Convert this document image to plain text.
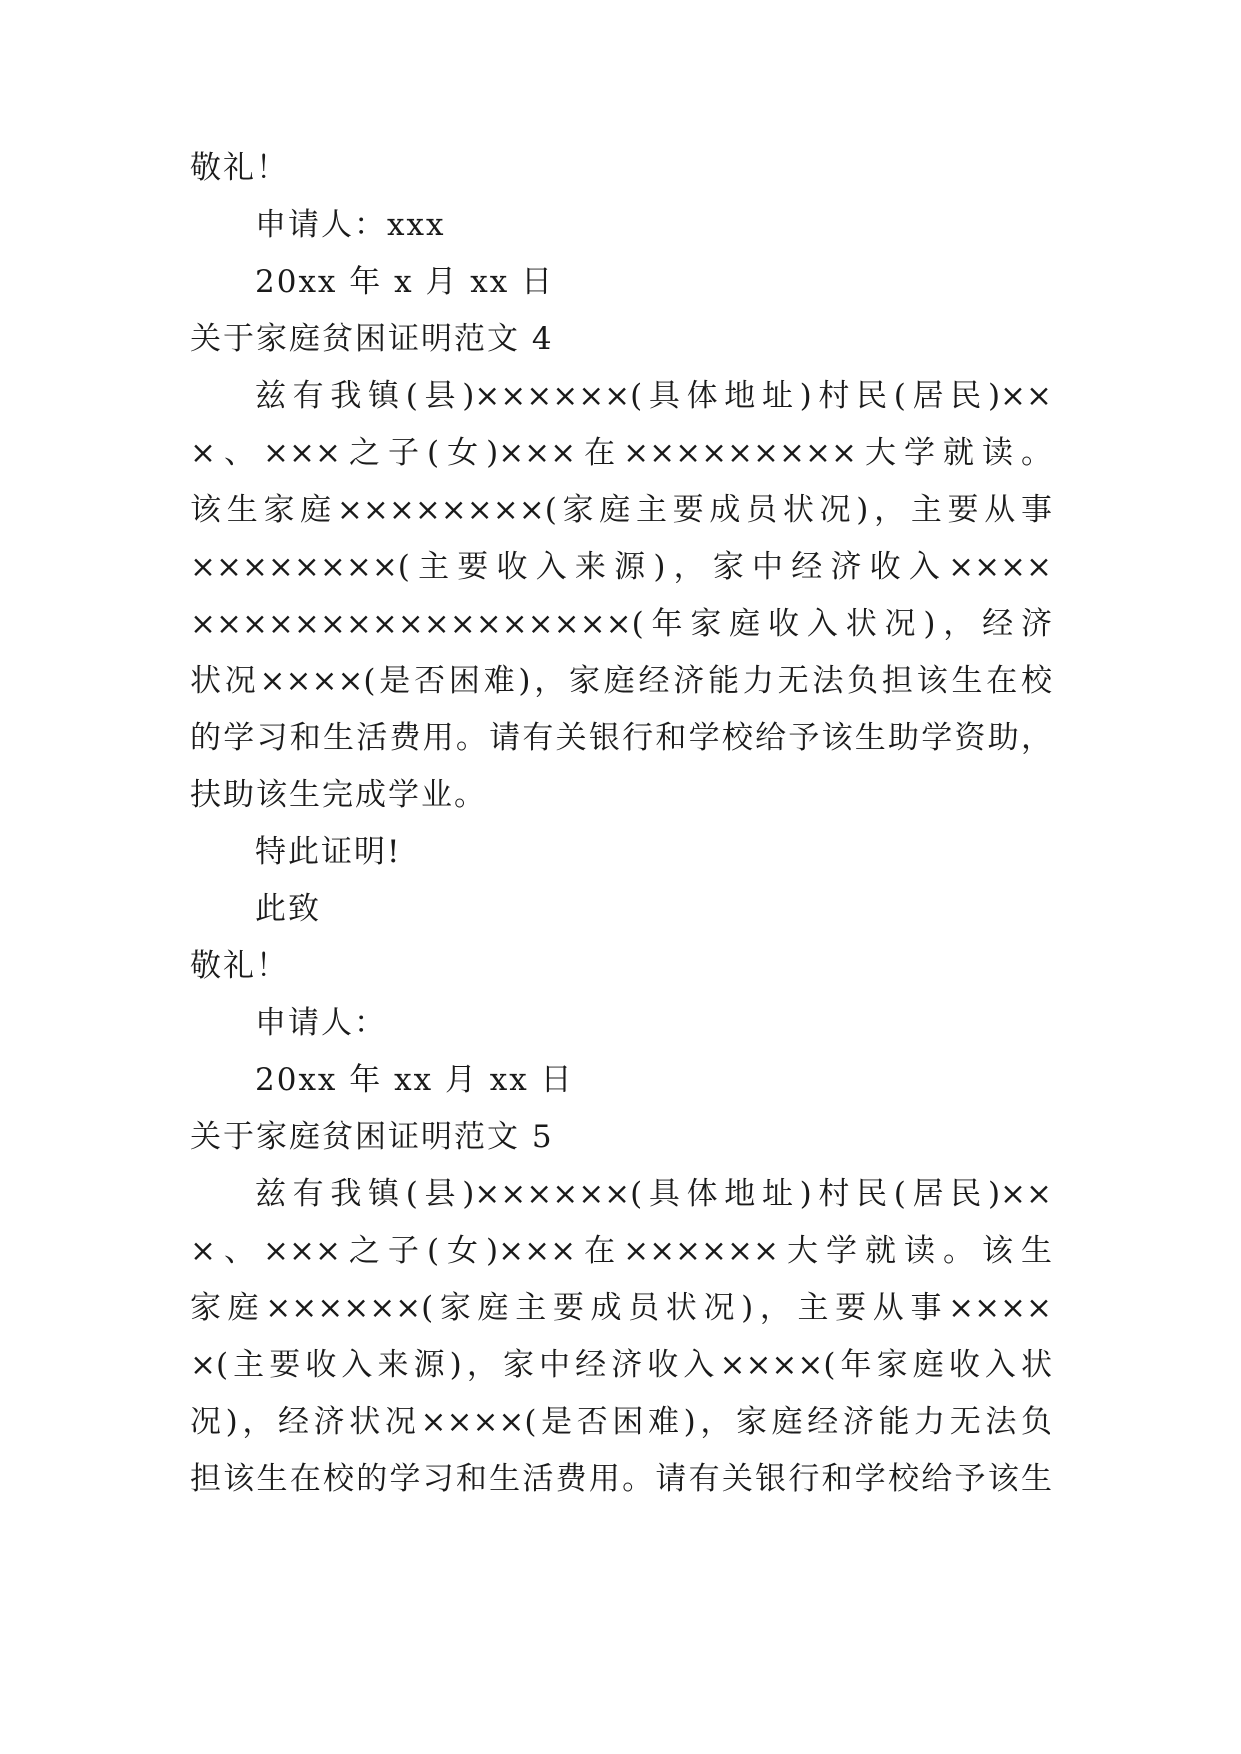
敬礼！

申请人：xxx

20xx 年 x 月 xx 日

关于家庭贫困证明范文 4

兹有我镇(县)××××××(具体地址)村民(居民)××

×、×××之子(女)×××在×××××××××大学就读。

该生家庭××××××××(家庭主要成员状况)，主要从事

××××××××(主要收入来源)，家中经济收入××××

×××××××××××××××××(年家庭收入状况)，经济

状况××××(是否困难)，家庭经济能力无法负担该生在校

的学习和生活费用。请有关银行和学校给予该生助学资助，

扶助该生完成学业。

特此证明!

此致

敬礼！

申请人：

20xx 年 xx 月 xx 日

关于家庭贫困证明范文 5

兹有我镇(县)××××××(具体地址)村民(居民)××

×、×××之子(女)×××在××××××大学就读。该生

家庭××××××(家庭主要成员状况)，主要从事××××

×(主要收入来源)，家中经济收入××××(年家庭收入状

况)，经济状况××××(是否困难)，家庭经济能力无法负

担该生在校的学习和生活费用。请有关银行和学校给予该生
